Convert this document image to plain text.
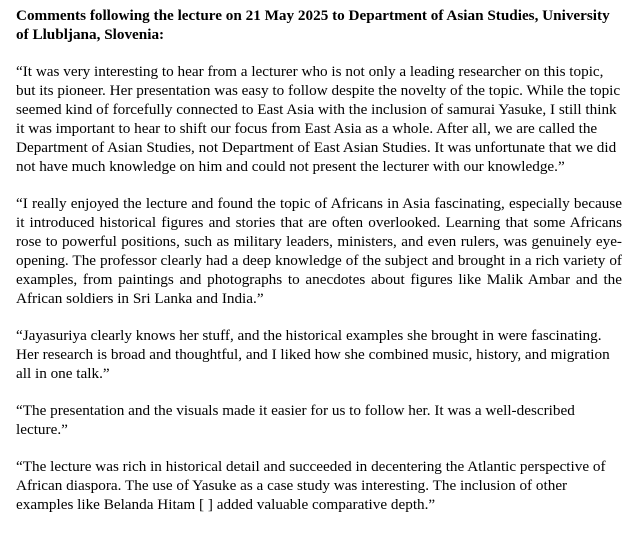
Comments following the lecture on 21 May 2025 to Department of Asian Studies, University of Llubljana, Slovenia:

“It was very interesting to hear from a lecturer who is not only a leading researcher on this topic, but its pioneer. Her presentation was easy to follow despite the novelty of the topic. While the topic seemed kind of forcefully connected to East Asia with the inclusion of samurai Yasuke, I still think it was important to hear to shift our focus from East Asia as a whole. After all, we are called the Department of Asian Studies, not Department of East Asian Studies. It was unfortunate that we did not have much knowledge on him and could not present the lecturer with our knowledge.”

“I really enjoyed the lecture and found the topic of Africans in Asia fascinating, especially because it introduced historical figures and stories that are often overlooked. Learning that some Africans rose to powerful positions, such as military leaders, ministers, and even rulers, was genuinely eye-opening. The professor clearly had a deep knowledge of the subject and brought in a rich variety of examples, from paintings and photographs to anecdotes about figures like Malik Ambar and the African soldiers in Sri Lanka and India.”

“Jayasuriya clearly knows her stuff, and the historical examples she brought in were fascinating. Her research is broad and thoughtful, and I liked how she combined music, history, and migration all in one talk.”

“The presentation and the visuals made it easier for us to follow her. It was a well-described lecture.”

“The lecture was rich in historical detail and succeeded in decentering the Atlantic perspective of African diaspora. The use of Yasuke as a case study was interesting. The inclusion of other examples like Belanda Hitam [ ] added valuable comparative depth.”
